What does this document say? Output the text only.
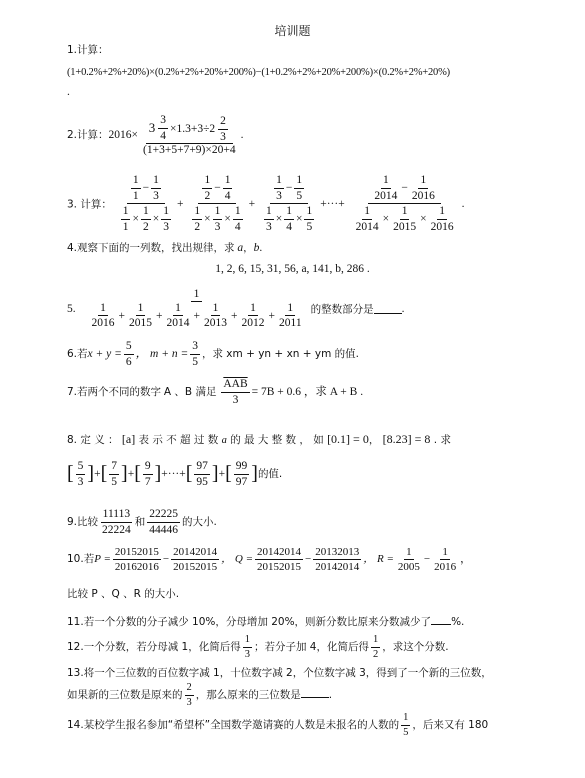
培训题
1.计算：
(1+0.2%+2%+20%)×(0.2%+2%+20%+200%)−(1+0.2%+2%+20%+200%)×(0.2%+2%+20%)
.
2.计算：2016× 3 3
4
$\times 1.3+3\div 2 \frac{2}{3}$
(1+3+5+7+9)×20+4 .
3. 计算： $\frac{\frac{1}{1} - \frac{1}{3}}{\frac{1}{1} \times \frac{1}{2} \times \frac{1}{3}} + \frac{\frac{1}{2} - \frac{1}{4}}{\frac{1}{2} \times \frac{1}{3} \times \frac{1}{4}} + \frac{\frac{1}{3} - \frac{1}{5}}{\frac{1}{3} \times \frac{1}{4} \times \frac{1}{5}}$ +···+ $\frac{\frac{1}{2014} - \frac{1}{2016}}{\frac{1}{2014} \times \frac{1}{2015} \times \frac{1}{2016}}$ .
4.观察下面的一列数，找出规律，求 a，b.
1, 2, 6, 15, 31, 56, a, 141, b, 286 .
5. $\frac{1}{\frac{1}{2016} + \frac{1}{2015} + \frac{1}{2014} + \frac{1}{2013} + \frac{1}{2012} + \frac{1}{2011}}$ 的整数部分是 .
6.若$x + y = \frac{5}{6}$ ， $m + n = \frac{3}{5}$ ，求 xm + yn + xn + ym 的值.
7.若两个不同的数字 A 、B 满足
$\overline{AAB}$
3
= 7B + 0.6 ，求 A + B .
8. 定 义 ： [a] 表 示 不 超 过 数 a 的 最 大 整 数 ， 如 [0.1] = 0， [8.23] = 8 . 求
[ $\frac{5}{3}$ ]+[ $\frac{7}{5}$ ]+[ $\frac{9}{7}$ ]+···+[ $\frac{97}{95}$ ]+[ $\frac{99}{97}$ ]的值.
9.比较 $\frac{11113}{22224}$ 和 $\frac{22225}{44446}$ 的大小.
10.若$P = \frac{20152015}{20162016} - \frac{20142014}{20152015}$ ， $Q = \frac{20142014}{20152015} - \frac{20132013}{20142014}$ ， $R = \frac{1}{2005} - \frac{1}{2016}$ ，
比较 P 、Q 、R 的大小.
11.若一个分数的分子减少 10%，分母增加 20%，则新分数比原来分数减少了 %.
12.一个分数，若分母减 1，化简后得 $\frac{1}{3}$ ；若分子加 4，化简后得 $\frac{1}{2}$ ，求这个分数.
13.将一个三位数的百位数字减 1，十位数字减 2，个位数字减 3，得到了一个新的三位数，
如果新的三位数是原来的 $\frac{2}{3}$ ，那么原来的三位数是	.
14.某校学生报名参加“希望杯”全国数学邀请赛的人数是未报名的人数的 $\frac{1}{5}$ ，后来又有 180
